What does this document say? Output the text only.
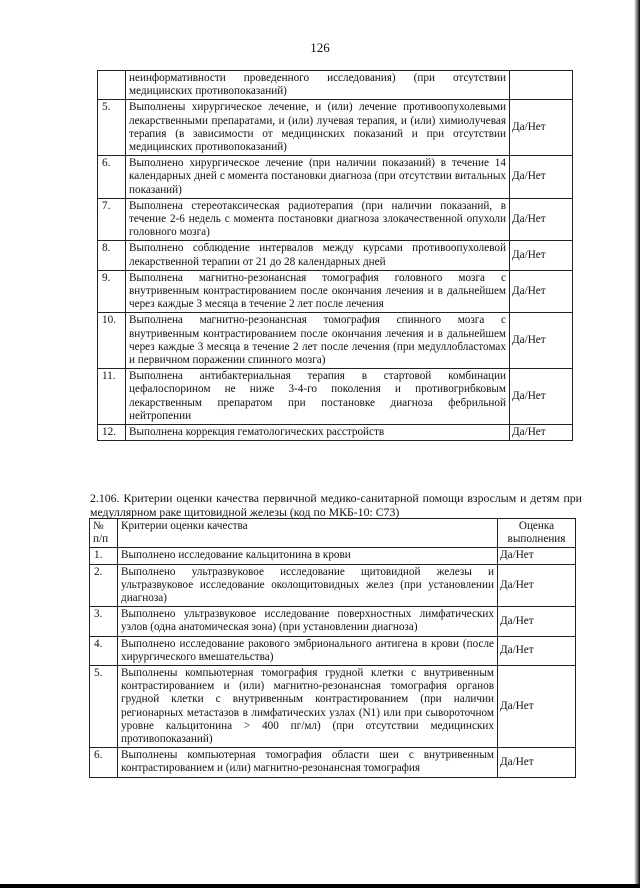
126
	неинформативности проведенного исследования) (при отсутствии медицинских противопоказаний)	
5.	Выполнены хирургическое лечение, и (или) лечение противоопухолевыми лекарственными препаратами, и (или) лучевая терапия, и (или) химиолучевая терапия (в зависимости от медицинских показаний и при отсутствии медицинских противопоказаний)	Да/Нет
6.	Выполнено хирургическое лечение (при наличии показаний) в течение 14 календарных дней с момента постановки диагноза (при отсутствии витальных показаний)	Да/Нет
7.	Выполнена стереотаксическая радиотерапия (при наличии показаний, в течение 2-6 недель с момента постановки диагноза злокачественной опухоли головного мозга)	Да/Нет
8.	Выполнено соблюдение интервалов между курсами противоопухолевой лекарственной терапии от 21 до 28 календарных дней	Да/Нет
9.	Выполнена магнитно-резонансная томография головного мозга с внутривенным контрастированием после окончания лечения и в дальнейшем через каждые 3 месяца в течение 2 лет после лечения	Да/Нет
10.	Выполнена магнитно-резонансная томография спинного мозга с внутривенным контрастированием после окончания лечения и в дальнейшем через каждые 3 месяца в течение 2 лет после лечения (при медуллобластомах и первичном поражении спинного мозга)	Да/Нет
11.	Выполнена антибактериальная терапия в стартовой комбинации цефалоспорином не ниже 3-4-го поколения и противогрибковым лекарственным препаратом при постановке диагноза фебрильной нейтропении	Да/Нет
12.	Выполнена коррекция гематологических расстройств	Да/Нет
2.106. Критерии оценки качества первичной медико-санитарной помощи взрослым и детям при медуллярном раке щитовидной железы (код по МКБ-10: С73)
№ п/п	Критерии оценки качества	Оценка выполнения
1.	Выполнено исследование кальцитонина в крови	Да/Нет
2.	Выполнено ультразвуковое исследование щитовидной железы и ультразвуковое исследование околощитовидных желез (при установлении диагноза)	Да/Нет
3.	Выполнено ультразвуковое исследование поверхностных лимфатических узлов (одна анатомическая зона) (при установлении диагноза)	Да/Нет
4.	Выполнено исследование ракового эмбрионального антигена в крови (после хирургического вмешательства)	Да/Нет
5.	Выполнены компьютерная томография грудной клетки с внутривенным контрастированием и (или) магнитно-резонансная томография органов грудной клетки с внутривенным контрастированием (при наличии регионарных метастазов в лимфатических узлах (N1) или при сывороточном уровне кальцитонина > 400 пг/мл) (при отсутствии медицинских противопоказаний)	Да/Нет
6.	Выполнены компьютерная томография области шеи с внутривенным контрастированием и (или) магнитно-резонансная томография	Да/Нет
